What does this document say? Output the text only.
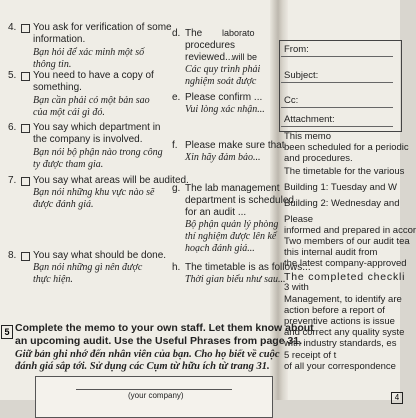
4. You ask for verification of some
information.
Bạn hỏi để xác minh một số
thông tin.
5. You need to have a copy of
something.
Bạn cần phải có một bản sao
của một cái gì đó.
6. You say which department in
the company is involved.
Bạn nói bộ phận nào trong công
ty được tham gia.
7. You say what areas will be audited.
Bạn nói những khu vực nào sẽ
được đánh giá.
8. You say what should be done.
Bạn nói những gì nên được
thực hiện.
d. The
procedures
reviewed...
Các quy trình phải
nghiệm soát được
e. Please confirm ...
Vui lòng xác nhận...
f. Please make sure that
Xin hãy đảm bảo...
g. The lab management
department is scheduled
for an audit ...
Bộ phận quản lý phòng
thí nghiệm được lên kế
hoạch đánh giá...
h. The timetable is as follows...
Thời gian biểu như sau...
laborato
will be
5 Complete the memo to your own staff. Let them know about
an upcoming audit. Use the Useful Phrases from page 31.
Giữ bản ghi nhớ đến nhân viên của bạn. Cho họ biết về cuộc
đánh giá sắp tới. Sử dụng các Cụm từ hữu ích từ trang 31.
(your company)
From:
Subject:
Cc:
Attachment:
This memo
been scheduled for a periodic
and procedures.
The timetable for the various
Building 1: Tuesday and W
Building 2: Wednesday and
Please
informed and prepared in accor
Two members of our audit tea
this internal audit from
the latest company-approved
The completed checkli
3 with
Management, to identify are
action before a report of
preventive actions is issue
and correct any quality syste
with industry standards, es
5 receipt of t
of all your correspondence
4
